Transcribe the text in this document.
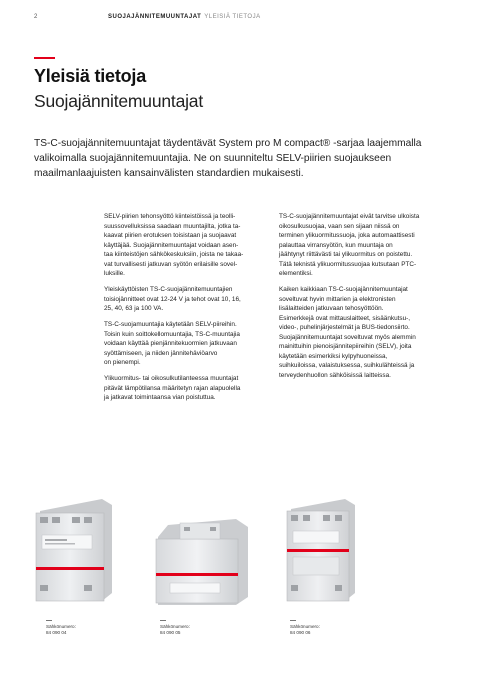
2	SUOJAJÄNNITEMUUNTAJAT YLEISIÄ TIETOJA
Yleisiä tietoja
Suojajännitemuuntajat
TS-C-suojajännitemuuntajat täydentävät System pro M compact® -sarjaa laajemmalla
valikoimalla suojajännitemuuntajia. Ne on suunniteltu SELV-piirien suojaukseen
maailmanlaajuisten kansainvälisten standardien mukaisesti.

SELV-piirien tehonsyöttö kiinteistöissä ja teolli-
suussovelluksissa saadaan muuntajilta, jotka ta-
kaavat piirien erotuksen toisistaan ja suojaavat
käyttäjää. Suojajännitemuuntajat voidaan asen-
taa kiinteistöjen sähkökeskuksiin, joista ne takaa-
vat turvallisesti jatkuvan syötön erilaisille sovel-
luksille.

Yleiskäyttöisten TS-C-suojajännitemuuntajien
toisiojännitteet ovat 12-24 V ja tehot ovat 10, 16,
25, 40, 63 ja 100 VA.

TS-C-suojamuuntajia käytetään SELV-piireihin.
Toisin kuin soittokellomuuntajia, TS-C-muuntajia
voidaan käyttää pienjännitekuormien jatkuvaan
syöttämiseen, ja niiden jännitehäviöarvo
on pienempi.

Ylikuormitus- tai oikosulkutilanteessa muuntajat
pitävät lämpötilansa määritetyn rajan alapuolella
ja jatkavat toimintaansa vian poistuttua.

TS-C-suojajännitemuuntajat eivät tarvitse ulkoista
oikosulkusuojaa, vaan sen sijaan niissä on
terminen ylikuormitussuoja, joka automaattisesti
palauttaa virransyötön, kun muuntaja on
jäähtynyt riittävästi tai ylikuormitus on poistettu.
Tätä teknistä ylikuormitussuojaa kutsutaan PTC-
elementiksi.

Kaiken kaikkiaan TS-C-suojajännitemuuntajat
soveltuvat hyvin mittarien ja elektronisten
lisälaitteiden jatkuvaan tehosyöttöön.
Esimerkkejä ovat mittauslaitteet, sisäänkutsu-,
video-, puhelinjärjestelmät ja BUS-tiedonsiirto.
Suojajännitemuuntajat soveltuvat myös alemmin
mainittuihin pienoisjännitepiireihin (SELV), joita
käytetään esimerkiksi kylpyhuoneissa,
suihkuiloissa, valaistuksessa, suihkulähteissä ja
terveydenhuollon sähköisissä laitteissa.

Sähkönumero:
84 090 04
Sähkönumero:
84 090 05
Sähkönumero:
84 090 06
